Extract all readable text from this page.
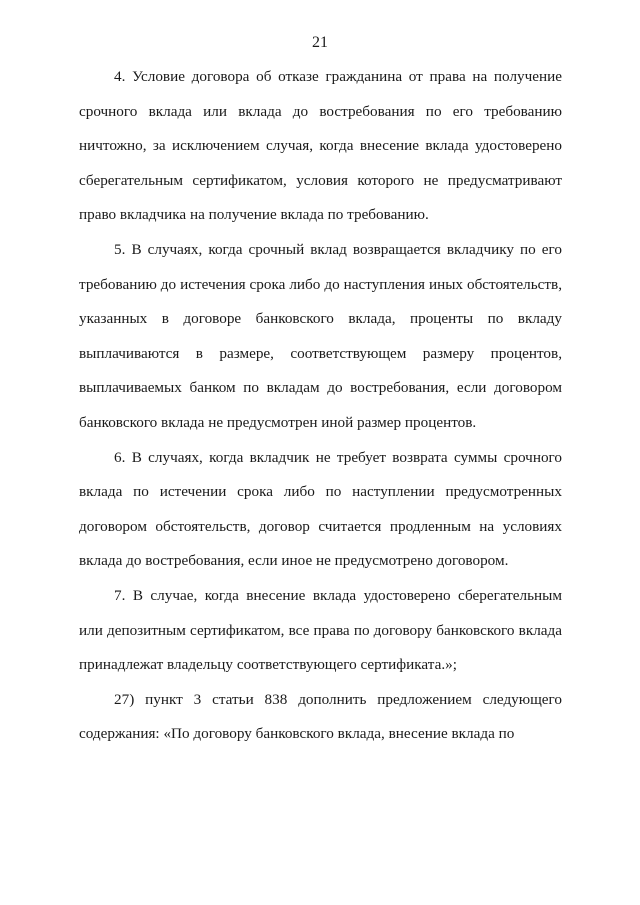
21

4. Условие договора об отказе гражданина от права на получение срочного вклада или вклада до востребования по его требованию ничтожно, за исключением случая, когда внесение вклада удостоверено сберегательным сертификатом, условия которого не предусматривают право вкладчика на получение вклада по требованию.

5. В случаях, когда срочный вклад возвращается вкладчику по его требованию до истечения срока либо до наступления иных обстоятельств, указанных в договоре банковского вклада, проценты по вкладу выплачиваются в размере, соответствующем размеру процентов, выплачиваемых банком по вкладам до востребования, если договором банковского вклада не предусмотрен иной размер процентов.

6. В случаях, когда вкладчик не требует возврата суммы срочного вклада по истечении срока либо по наступлении предусмотренных договором обстоятельств, договор считается продленным на условиях вклада до востребования, если иное не предусмотрено договором.

7. В случае, когда внесение вклада удостоверено сберегательным или депозитным сертификатом, все права по договору банковского вклада принадлежат владельцу соответствующего сертификата.»;

27) пункт 3 статьи 838 дополнить предложением следующего содержания: «По договору банковского вклада, внесение вклада по
